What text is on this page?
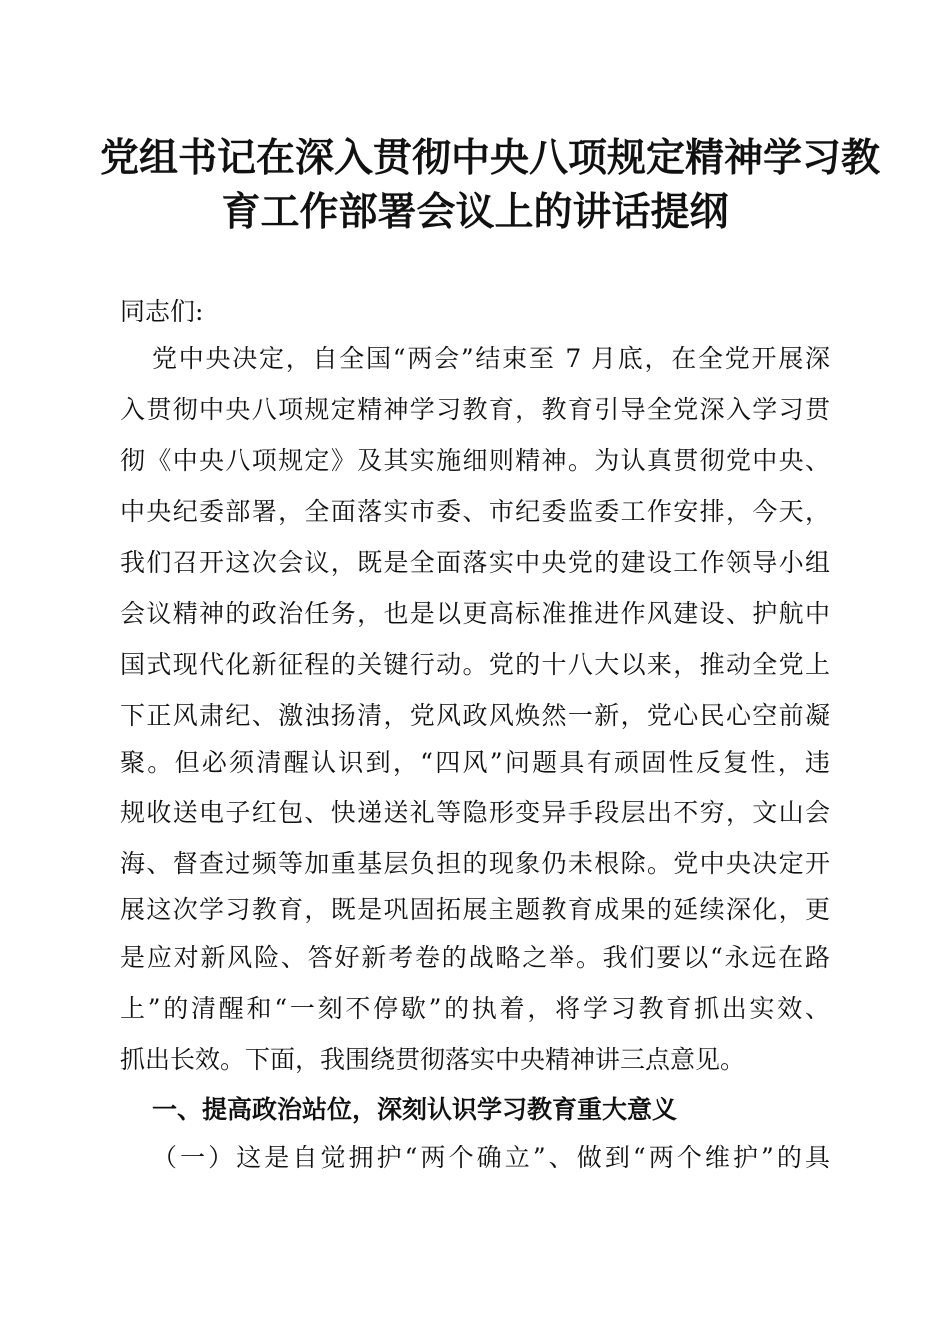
党组书记在深入贯彻中央八项规定精神学习教
育工作部署会议上的讲话提纲
同志们:
党中央决定，自全国“两会”结束至 7 月底，在全党开展深
入贯彻中央八项规定精神学习教育，教育引导全党深入学习贯
彻《中央八项规定》及其实施细则精神。为认真贯彻党中央、
中央纪委部署，全面落实市委、市纪委监委工作安排，今天，
我们召开这次会议，既是全面落实中央党的建设工作领导小组
会议精神的政治任务，也是以更高标准推进作风建设、护航中
国式现代化新征程的关键行动。党的十八大以来，推动全党上
下正风肃纪、激浊扬清，党风政风焕然一新，党心民心空前凝
聚。但必须清醒认识到，“四风”问题具有顽固性反复性，违
规收送电子红包、快递送礼等隐形变异手段层出不穷，文山会
海、督查过频等加重基层负担的现象仍未根除。党中央决定开
展这次学习教育，既是巩固拓展主题教育成果的延续深化，更
是应对新风险、答好新考卷的战略之举。我们要以“永远在路
上”的清醒和“一刻不停歇”的执着，将学习教育抓出实效、
抓出长效。下面，我围绕贯彻落实中央精神讲三点意见。
一、提高政治站位，深刻认识学习教育重大意义
（一）这是自觉拥护“两个确立”、做到“两个维护”的具
